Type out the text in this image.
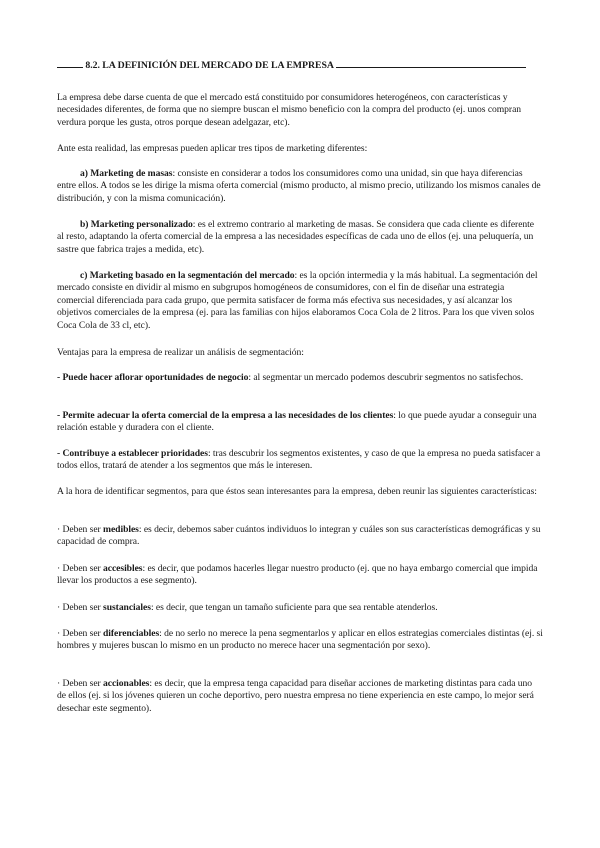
8.2. LA DEFINICIÓN DEL MERCADO DE LA EMPRESA

La empresa debe darse cuenta de que el mercado está constituido por consumidores heterogéneos, con características y necesidades diferentes, de forma que no siempre buscan el mismo beneficio con la compra del producto (ej. unos compran verdura porque les gusta, otros porque desean adelgazar, etc).

Ante esta realidad, las empresas pueden aplicar tres tipos de marketing diferentes:

a) Marketing de masas: consiste en considerar a todos los consumidores como una unidad, sin que haya diferencias entre ellos. A todos se les dirige la misma oferta comercial (mismo producto, al mismo precio, utilizando los mismos canales de distribución, y con la misma comunicación).

b) Marketing personalizado: es el extremo contrario al marketing de masas. Se considera que cada cliente es diferente al resto, adaptando la oferta comercial de la empresa a las necesidades específicas de cada uno de ellos (ej. una peluquería, un sastre que fabrica trajes a medida, etc).

c) Marketing basado en la segmentación del mercado: es la opción intermedia y la más habitual. La segmentación del mercado consiste en dividir al mismo en subgrupos homogéneos de consumidores, con el fin de diseñar una estrategia comercial diferenciada para cada grupo, que permita satisfacer de forma más efectiva sus necesidades, y así alcanzar los objetivos comerciales de la empresa (ej. para las familias con hijos elaboramos Coca Cola de 2 litros. Para los que viven solos Coca Cola de 33 cl, etc).

Ventajas para la empresa de realizar un análisis de segmentación:

- Puede hacer aflorar oportunidades de negocio: al segmentar un mercado podemos descubrir segmentos no satisfechos.

- Permite adecuar la oferta comercial de la empresa a las necesidades de los clientes: lo que puede ayudar a conseguir una relación estable y duradera con el cliente.

- Contribuye a establecer prioridades: tras descubrir los segmentos existentes, y caso de que la empresa no pueda satisfacer a todos ellos, tratará de atender a los segmentos que más le interesen.

A la hora de identificar segmentos, para que éstos sean interesantes para la empresa, deben reunir las siguientes características:

· Deben ser medibles: es decir, debemos saber cuántos individuos lo integran y cuáles son sus características demográficas y su capacidad de compra.

· Deben ser accesibles: es decir, que podamos hacerles llegar nuestro producto (ej. que no haya embargo comercial que impida llevar los productos a ese segmento).

· Deben ser sustanciales: es decir, que tengan un tamaño suficiente para que sea rentable atenderlos.

· Deben ser diferenciables: de no serlo no merece la pena segmentarlos y aplicar en ellos estrategias comerciales distintas (ej. si hombres y mujeres buscan lo mismo en un producto no merece hacer una segmentación por sexo).

· Deben ser accionables: es decir, que la empresa tenga capacidad para diseñar acciones de marketing distintas para cada uno de ellos (ej. si los jóvenes quieren un coche deportivo, pero nuestra empresa no tiene experiencia en este campo, lo mejor será desechar este segmento).
